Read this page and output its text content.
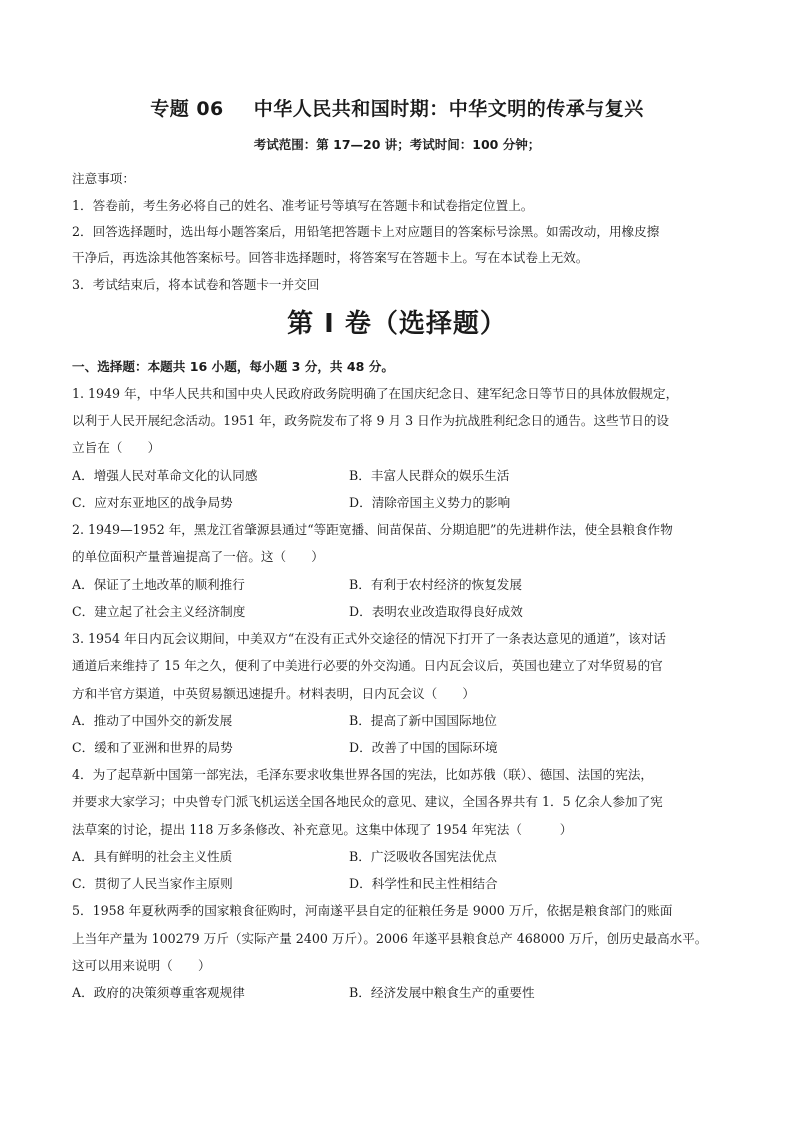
专题 06 中华人民共和国时期：中华文明的传承与复兴
考试范围：第 17—20 讲；考试时间：100 分钟；
注意事项：
1．答卷前，考生务必将自己的姓名、准考证号等填写在答题卡和试卷指定位置上。
2．回答选择题时，选出每小题答案后，用铅笔把答题卡上对应题目的答案标号涂黑。如需改动，用橡皮擦
干净后，再选涂其他答案标号。回答非选择题时，将答案写在答题卡上。写在本试卷上无效。
3．考试结束后，将本试卷和答题卡一并交回
第 I 卷（选择题）
一、选择题：本题共 16 小题，每小题 3 分，共 48 分。
1. 1949 年，中华人民共和国中央人民政府政务院明确了在国庆纪念日、建军纪念日等节日的具体放假规定，
以利于人民开展纪念活动。1951 年，政务院发布了将 9 月 3 日作为抗战胜利纪念日的通告。这些节日的设
立旨在（　　）
A．增强人民对革命文化的认同感	B．丰富人民群众的娱乐生活
C．应对东亚地区的战争局势	D．清除帝国主义势力的影响
2. 1949—1952 年，黑龙江省肇源县通过“等距宽播、间苗保苗、分期追肥”的先进耕作法，使全县粮食作物
的单位面积产量普遍提高了一倍。这（　　）
A．保证了土地改革的顺利推行	B．有利于农村经济的恢复发展
C．建立起了社会主义经济制度	D．表明农业改造取得良好成效
3. 1954 年日内瓦会议期间，中美双方“在没有正式外交途径的情况下打开了一条表达意见的通道”，该对话
通道后来维持了 15 年之久，便利了中美进行必要的外交沟通。日内瓦会议后，英国也建立了对华贸易的官
方和半官方渠道，中英贸易额迅速提升。材料表明，日内瓦会议（　　）
A．推动了中国外交的新发展	B．提高了新中国国际地位
C．缓和了亚洲和世界的局势	D．改善了中国的国际环境
4．为了起草新中国第一部宪法，毛泽东要求收集世界各国的宪法，比如苏俄（联）、德国、法国的宪法，
并要求大家学习；中央曾专门派飞机运送全国各地民众的意见、建议，全国各界共有 1．5 亿余人参加了宪
法草案的讨论，提出 118 万多条修改、补充意见。这集中体现了 1954 年宪法（　　　）
A．具有鲜明的社会主义性质	B．广泛吸收各国宪法优点
C．贯彻了人民当家作主原则	D．科学性和民主性相结合
5．1958 年夏秋两季的国家粮食征购时，河南遂平县自定的征粮任务是 9000 万斤，依据是粮食部门的账面
上当年产量为 100279 万斤（实际产量 2400 万斤）。2006 年遂平县粮食总产 468000 万斤，创历史最高水平。
这可以用来说明（　　）
A．政府的决策须尊重客观规律	B．经济发展中粮食生产的重要性
